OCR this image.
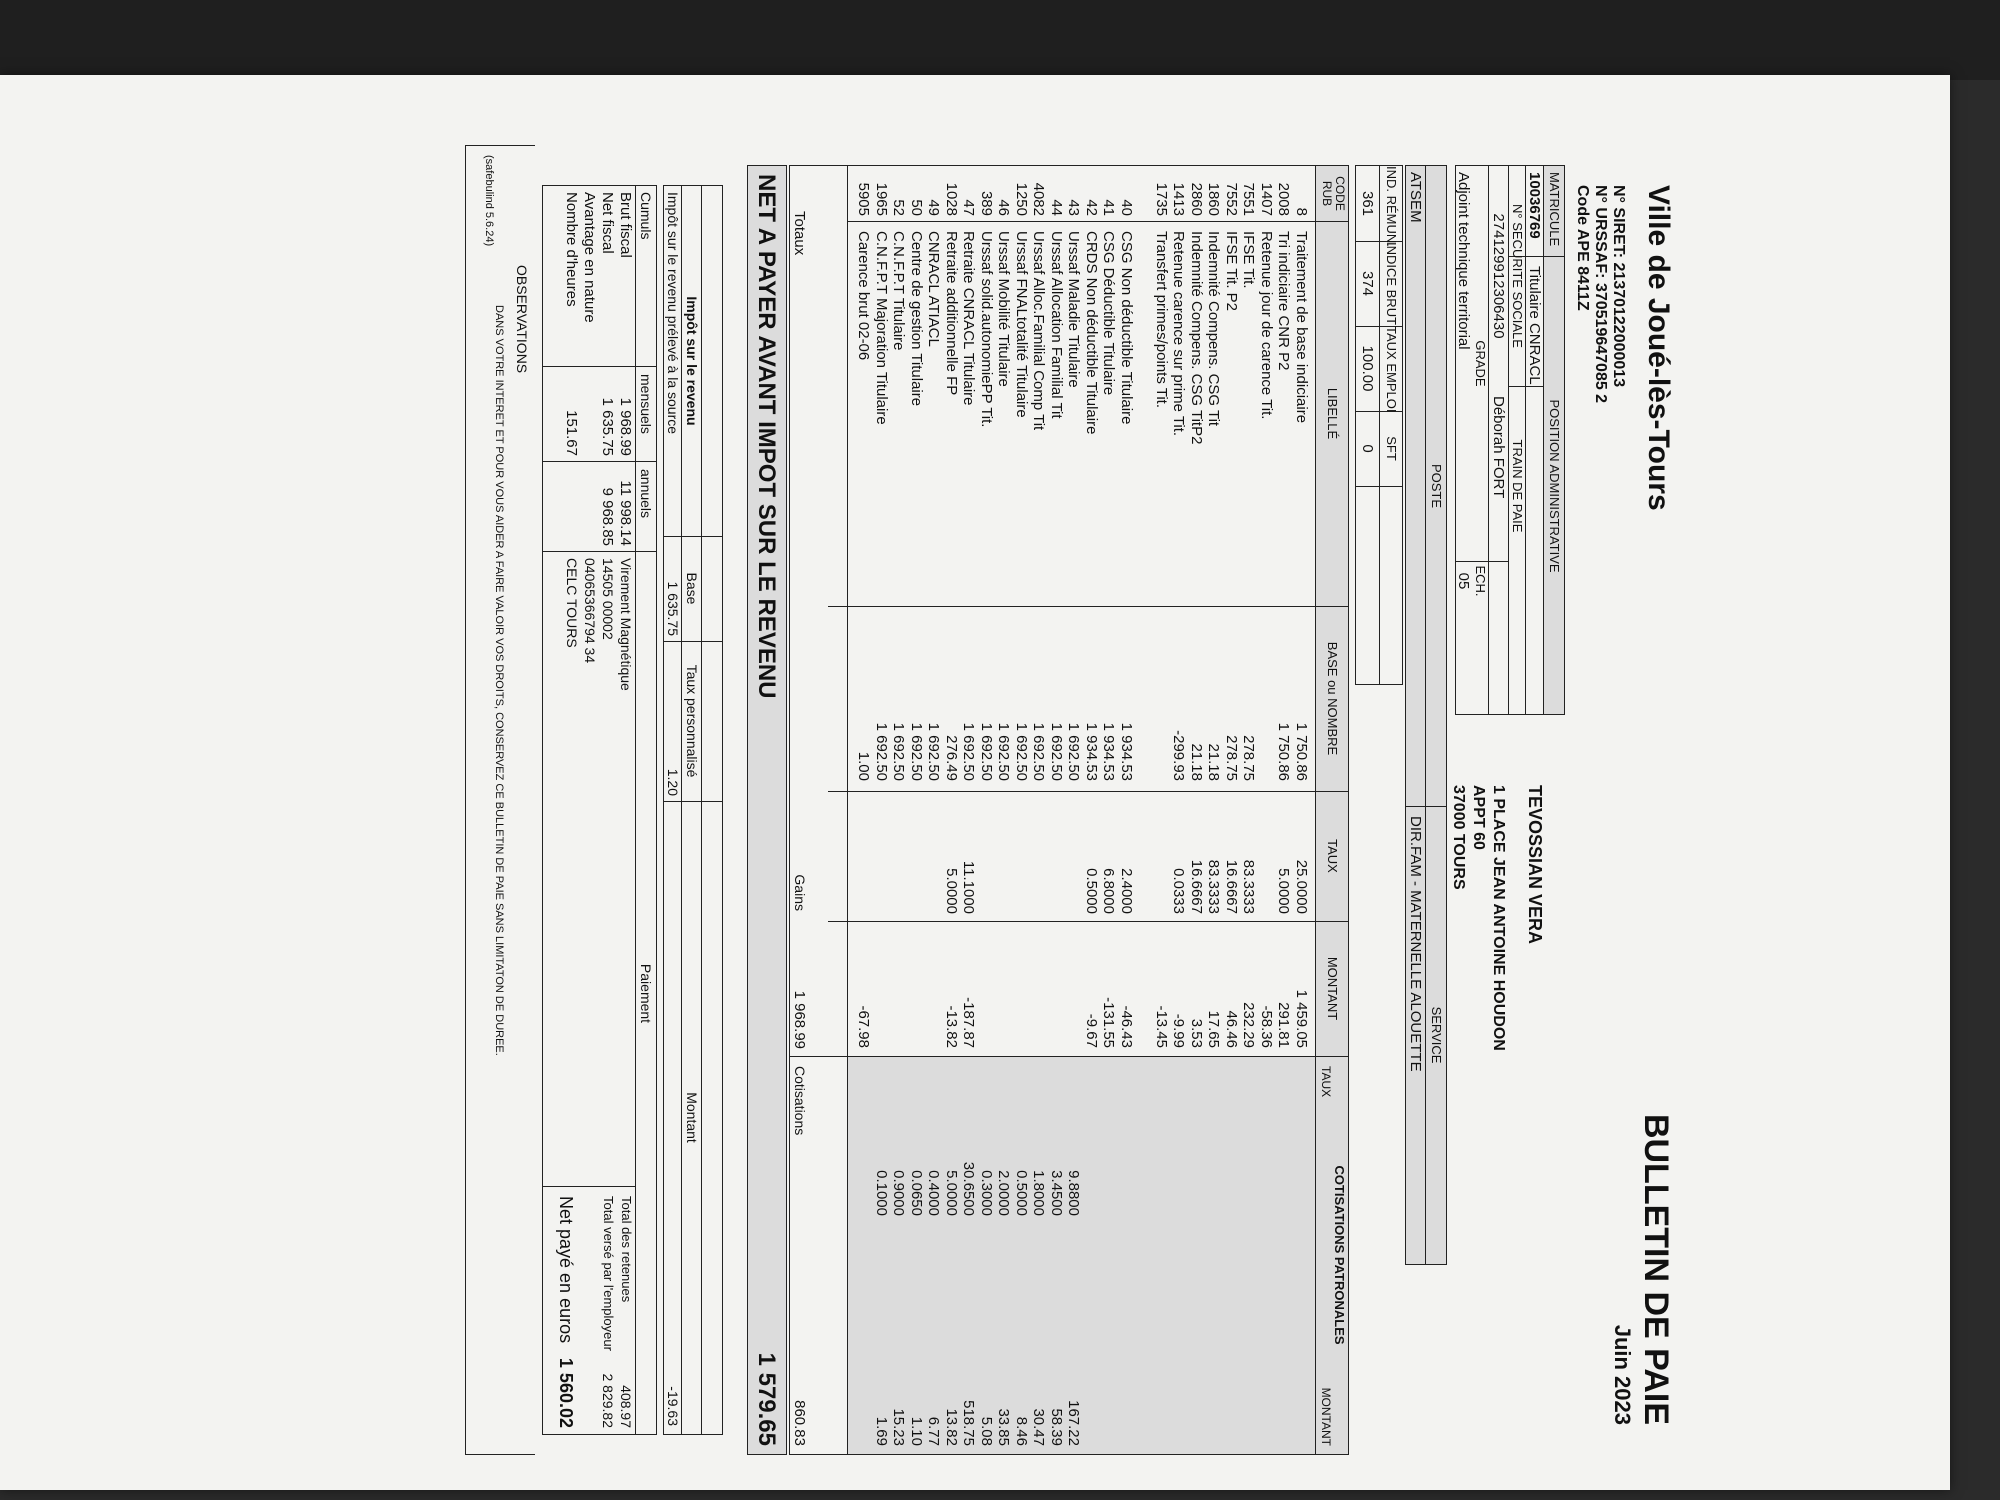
Ville de Joué-lès-Tours
N° SIRET: 21370122000013
N° URSSAF: 370519647085 2
Code APE 8411Z
BULLETIN DE PAIE
Juin 2023
MATRICULE
POSITION ADMINISTRATIVE
10036769
Titulaire CNRACL
N° SECURITE SOCIALE
TRAIN DE PAIE
274129912306430
Déborah FORT
GRADE
ECH.
Adjoint technique territorial
05
TEVOSSIAN VERA
1 PLACE JEAN ANTOINE HOUDON
APPT 60
37000 TOURS
POSTE
SERVICE
ATSEM
DIR.FAM - MATERNELLE ALOUETTE
IND. RÉMUN.
INDICE BRUT
TAUX EMPLOI
SFT
361
374
100.00
0
CODE RUB
LIBELLÉ
BASE ou NOMBRE
TAUX
MONTANT
COTISATIONS PATRONALES
TAUX
MONTANT
8
Traitement de base indiciaire
1 750.86
25.0000
1 459.05
2008
Tri indiciaire CNR P2
1 750.86
5.0000
291.81
1407
Retenue jour de carence Tit.
-58.36
7551
IFSE Tit.
278.75
83.3333
232.29
7552
IFSE Tit. P2
278.75
16.6667
46.46
1860
Indemnité Compens. CSG Tit
21.18
83.3333
17.65
2860
Indemnité Compens. CSG TitP2
21.18
16.6667
3.53
1413
Retenue carence sur prime Tit.
-299.93
0.0333
-9.99
1735
Transfert primes/points Tit.
-13.45
40
CSG Non déductible Titulaire
1 934.53
2.4000
-46.43
41
CSG Déductible Titulaire
1 934.53
6.8000
-131.55
42
CRDS Non déductible Titulaire
1 934.53
0.5000
-9.67
43
Urssaf Maladie Titulaire
1 692.50
9.8800
167.22
44
Urssaf Allocation Familial Tit
1 692.50
3.4500
58.39
4082
Urssaf Alloc.Familial Comp Tit
1 692.50
1.8000
30.47
1250
Urssaf FNALtotalité Titulaire
1 692.50
0.5000
8.46
46
Urssaf Mobilité Titulaire
1 692.50
2.0000
33.85
389
Urssaf solid.autonomiePP Tit.
1 692.50
0.3000
5.08
47
Retraite CNRACL Titulaire
1 692.50
11.1000
-187.87
30.6500
518.75
1028
Retraite additionnelle FP
276.49
5.0000
-13.82
5.0000
13.82
49
CNRACL ATIACL
1 692.50
0.4000
6.77
50
Centre de gestion Titulaire
1 692.50
0.0650
1.10
52
C.N.F.P.T Titulaire
1 692.50
0.9000
15.23
1965
C.N.F.P.T Majoration Titulaire
1 692.50
0.1000
1.69
5905
Carence brut 02-06
1.00
-67.98
Totaux
Gains
1 968.99
Cotisations
860.83
NET A PAYER AVANT IMPOT SUR LE REVENU
1 579.65
Impôt sur le revenu
Base
Taux personnalisé
Montant
Impôt sur le revenu prélevé à la source
1 635.75
1.20
-19.63
Cumuls
mensuels
annuels
Paiement
Brut fiscal
1 968.99
11 998.14
Net fiscal
1 635.75
9 968.85
Avantage en nature
Nombre d'heures
151.67
Virement Magnétique
14505 00002
04065366794 34
CELC TOURS
Total des retenues
408.97
Total versé par l'employeur
2 829.82
Net payé en euros
1 560.02
OBSERVATIONS
DANS VOTRE INTERET ET POUR VOUS AIDER A FAIRE VALOIR VOS DROITS, CONSERVEZ CE BULLETIN DE PAIE SANS LIMITATON DE DUREE.
(safebulind 5.6.24)
